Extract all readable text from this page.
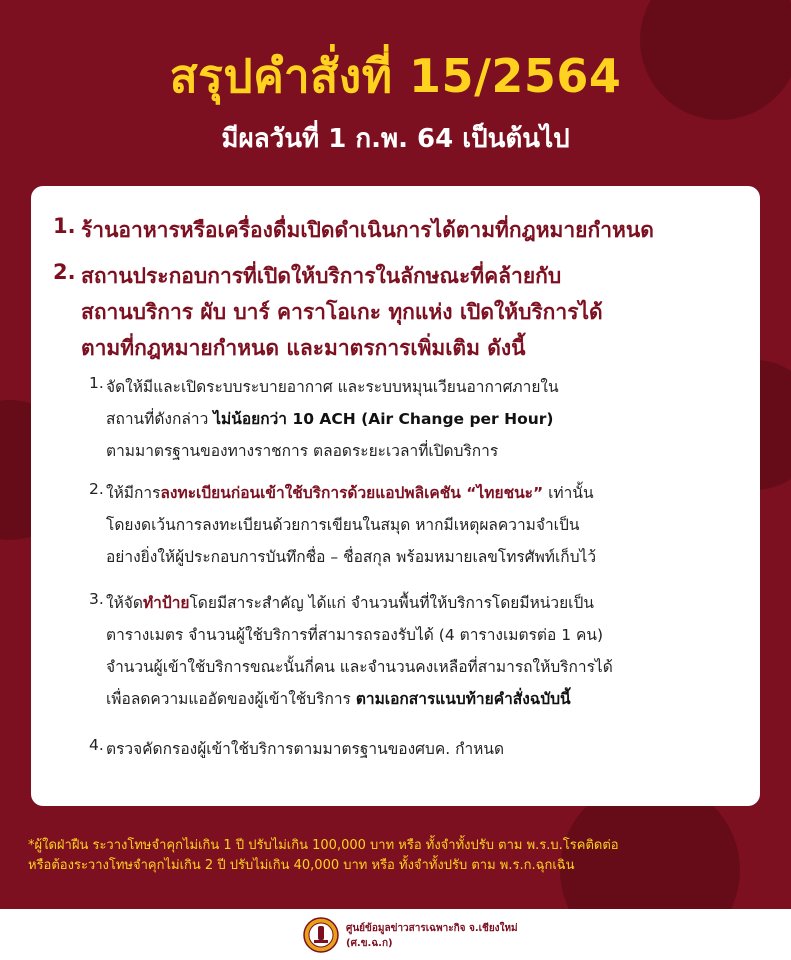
สรุปคำสั่งที่ 15/2564
มีผลวันที่ 1 ก.พ. 64 เป็นต้นไป
1. ร้านอาหารหรือเครื่องดื่มเปิดดำเนินการได้ตามที่กฎหมายกำหนด
2. สถานประกอบการที่เปิดให้บริการในลักษณะที่คล้ายกับ
สถานบริการ ผับ บาร์ คาราโอเกะ ทุกแห่ง เปิดให้บริการได้
ตามที่กฎหมายกำหนด และมาตรการเพิ่มเติม ดังนี้
1. จัดให้มีและเปิดระบบระบายอากาศ และระบบหมุนเวียนอากาศภายใน
สถานที่ดังกล่าว ไม่น้อยกว่า 10 ACH (Air Change per Hour)
ตามมาตรฐานของทางราชการ ตลอดระยะเวลาที่เปิดบริการ
2. ให้มีการลงทะเบียนก่อนเข้าใช้บริการด้วยแอปพลิเคชัน “ไทยชนะ” เท่านั้น
โดยงดเว้นการลงทะเบียนด้วยการเขียนในสมุด หากมีเหตุผลความจำเป็น
อย่างยิ่งให้ผู้ประกอบการบันทึกชื่อ – ชื่อสกุล พร้อมหมายเลขโทรศัพท์เก็บไว้
3. ให้จัดทำป้ายโดยมีสาระสำคัญ ได้แก่ จำนวนพื้นที่ให้บริการโดยมีหน่วยเป็น
ตารางเมตร จำนวนผู้ใช้บริการที่สามารถรองรับได้ (4 ตารางเมตรต่อ 1 คน)
จำนวนผู้เข้าใช้บริการขณะนั้นกี่คน และจำนวนคงเหลือที่สามารถให้บริการได้
เพื่อลดความแออัดของผู้เข้าใช้บริการ ตามเอกสารแนบท้ายคำสั่งฉบับนี้
4. ตรวจคัดกรองผู้เข้าใช้บริการตามมาตรฐานของศบค. กำหนด
*ผู้ใดฝ่าฝืน ระวางโทษจำคุกไม่เกิน 1 ปี ปรับไม่เกิน 100,000 บาท หรือ ทั้งจำทั้งปรับ ตาม พ.ร.บ.โรคติดต่อ
หรือต้องระวางโทษจำคุกไม่เกิน 2 ปี ปรับไม่เกิน 40,000 บาท หรือ ทั้งจำทั้งปรับ ตาม พ.ร.ก.ฉุกเฉิน
ศูนย์ข้อมูลข่าวสารเฉพาะกิจ จ.เชียงใหม่
(ศ.ข.ฉ.ก)
